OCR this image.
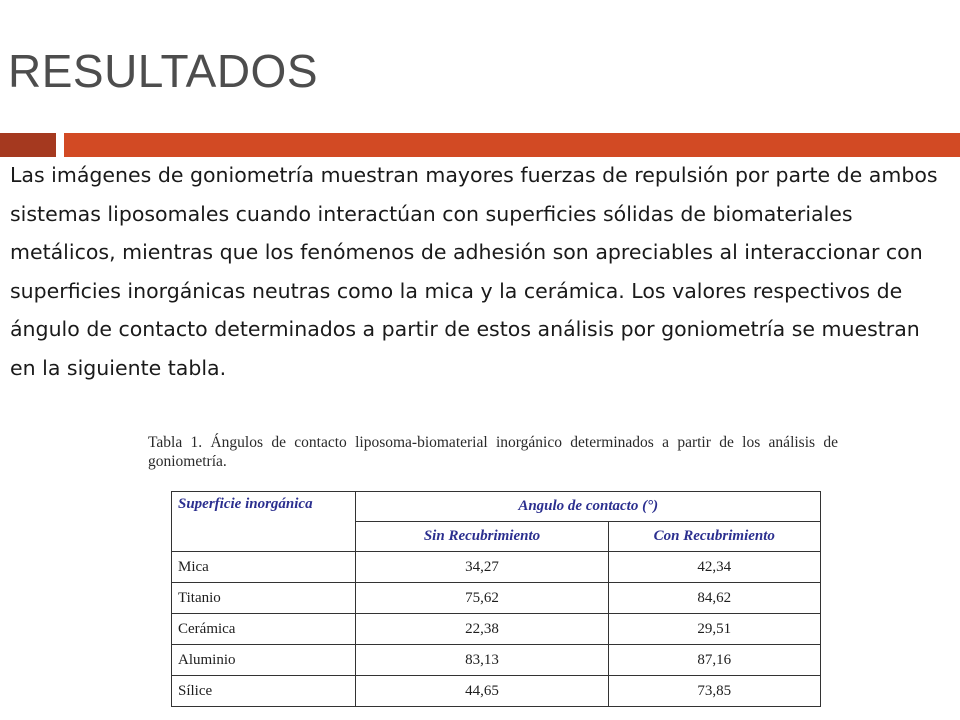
RESULTADOS
Las imágenes de goniometría muestran mayores fuerzas de repulsión por parte de ambos sistemas liposomales cuando interactúan con superficies sólidas de biomateriales metálicos, mientras que los fenómenos de adhesión son apreciables al interaccionar con superficies inorgánicas neutras como la mica y la cerámica. Los valores respectivos de ángulo de contacto determinados a partir de estos análisis por goniometría se muestran en la siguiente tabla.
Tabla 1. Ángulos de contacto liposoma-biomaterial inorgánico determinados a partir de los análisis de goniometría.
Superficie inorgánica	Angulo de contacto (°)	
	Sin Recubrimiento	Con Recubrimiento
Mica	34,27	42,34
Titanio	75,62	84,62
Cerámica	22,38	29,51
Aluminio	83,13	87,16
Sílice	44,65	73,85
